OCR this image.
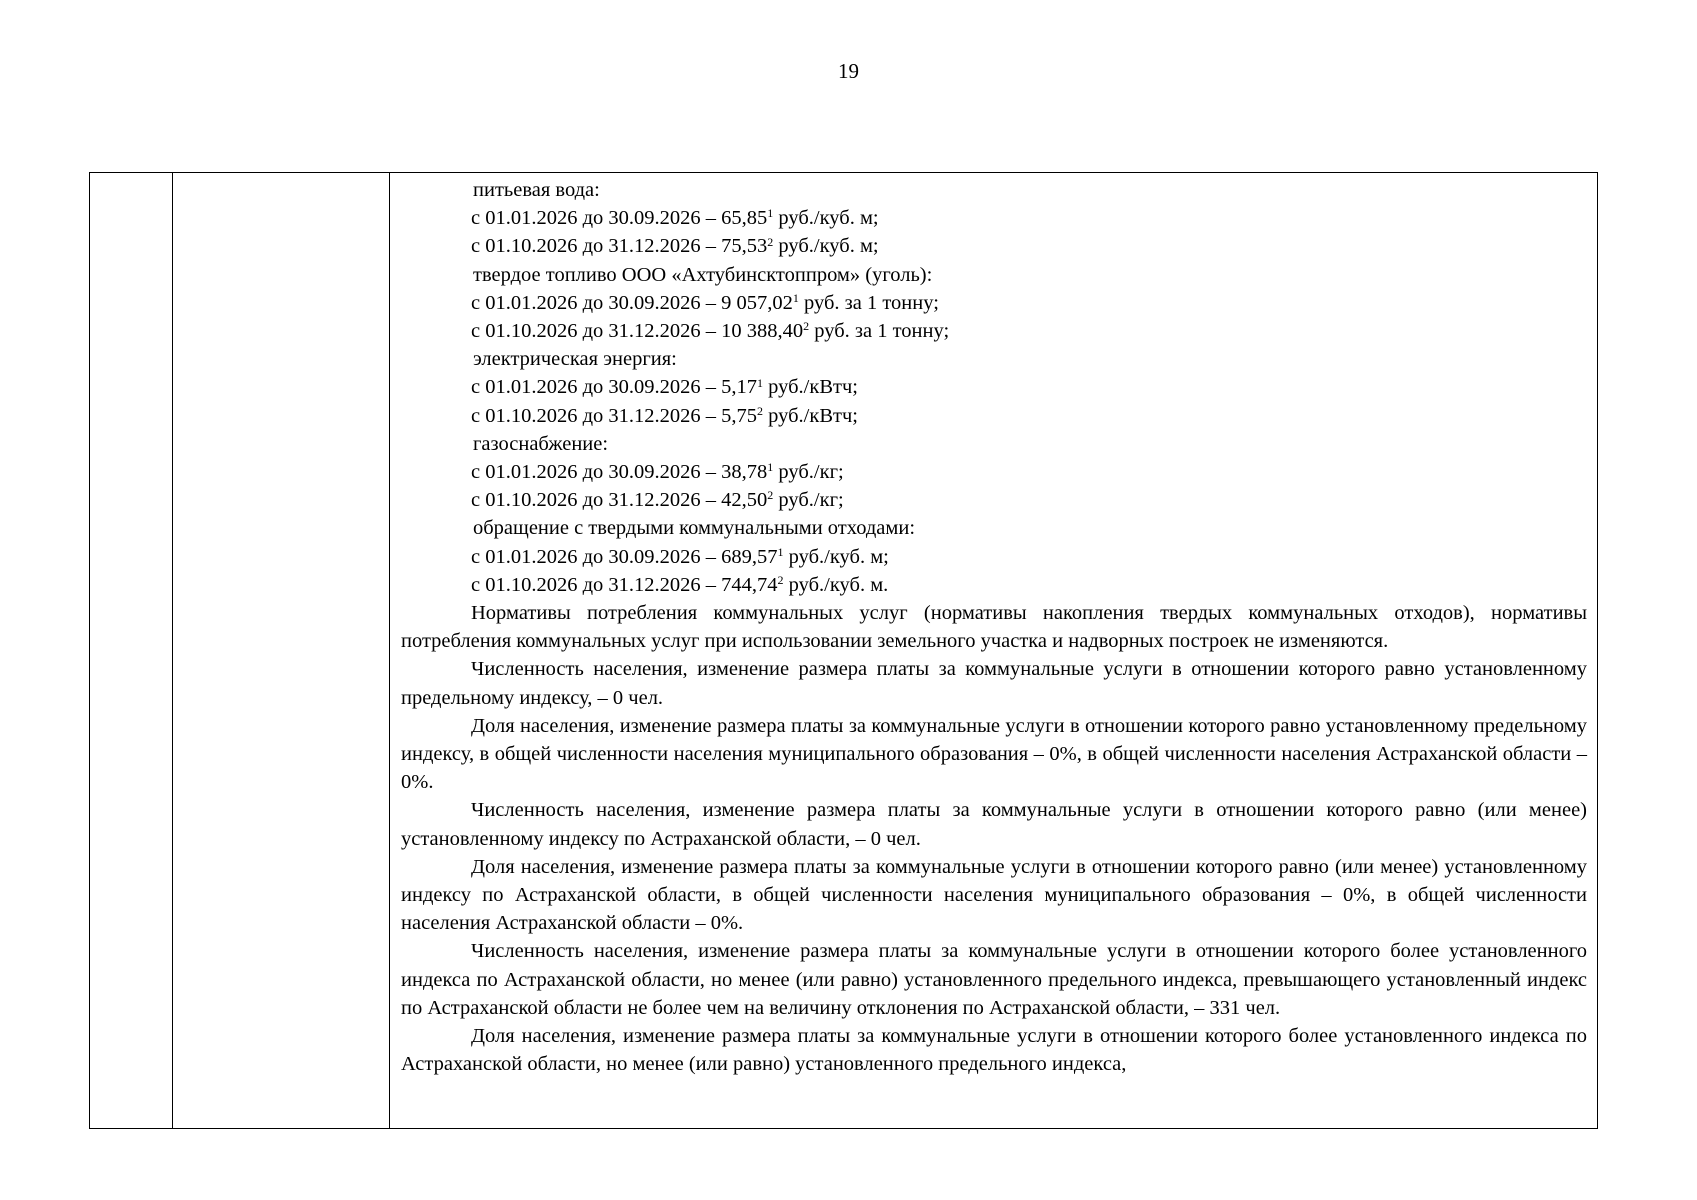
19
питьевая вода:
с 01.01.2026 до 30.09.2026 – 65,85$^1$ руб./куб. м;
с 01.10.2026 до 31.12.2026 – 75,53$^2$ руб./куб. м;
твердое топливо ООО «Ахтубинсктоппром» (уголь):
с 01.01.2026 до 30.09.2026 – 9 057,02$^1$ руб. за 1 тонну;
с 01.10.2026 до 31.12.2026 – 10 388,40$^2$ руб. за 1 тонну;
электрическая энергия:
с 01.01.2026 до 30.09.2026 – 5,17$^1$ руб./кВтч;
с 01.10.2026 до 31.12.2026 – 5,75$^2$ руб./кВтч;
газоснабжение:
с 01.01.2026 до 30.09.2026 – 38,78$^1$ руб./кг;
с 01.10.2026 до 31.12.2026 – 42,50$^2$ руб./кг;
обращение с твердыми коммунальными отходами:
с 01.01.2026 до 30.09.2026 – 689,57$^1$ руб./куб. м;
с 01.10.2026 до 31.12.2026 – 744,74$^2$ руб./куб. м.

Нормативы потребления коммунальных услуг (нормативы накопления твердых коммунальных отходов), нормативы потребления коммунальных услуг при использовании земельного участка и надворных построек не изменяются.

Численность населения, изменение размера платы за коммунальные услуги в отношении которого равно установленному предельному индексу, – 0 чел.

Доля населения, изменение размера платы за коммунальные услуги в отношении которого равно установленному предельному индексу, в общей численности населения муниципального образования – 0%, в общей численности населения Астраханской области – 0%.

Численность населения, изменение размера платы за коммунальные услуги в отношении которого равно (или менее) установленному индексу по Астраханской области, – 0 чел.

Доля населения, изменение размера платы за коммунальные услуги в отношении которого равно (или менее) установленному индексу по Астраханской области, в общей численности населения муниципального образования – 0%, в общей численности населения Астраханской области – 0%.

Численность населения, изменение размера платы за коммунальные услуги в отношении которого более установленного индекса по Астраханской области, но менее (или равно) установленного предельного индекса, превышающего установленный индекс по Астраханской области не более чем на величину отклонения по Астраханской области, – 331 чел.

Доля населения, изменение размера платы за коммунальные услуги в отношении которого более установленного индекса по Астраханской области, но менее (или равно) установленного предельного индекса,
